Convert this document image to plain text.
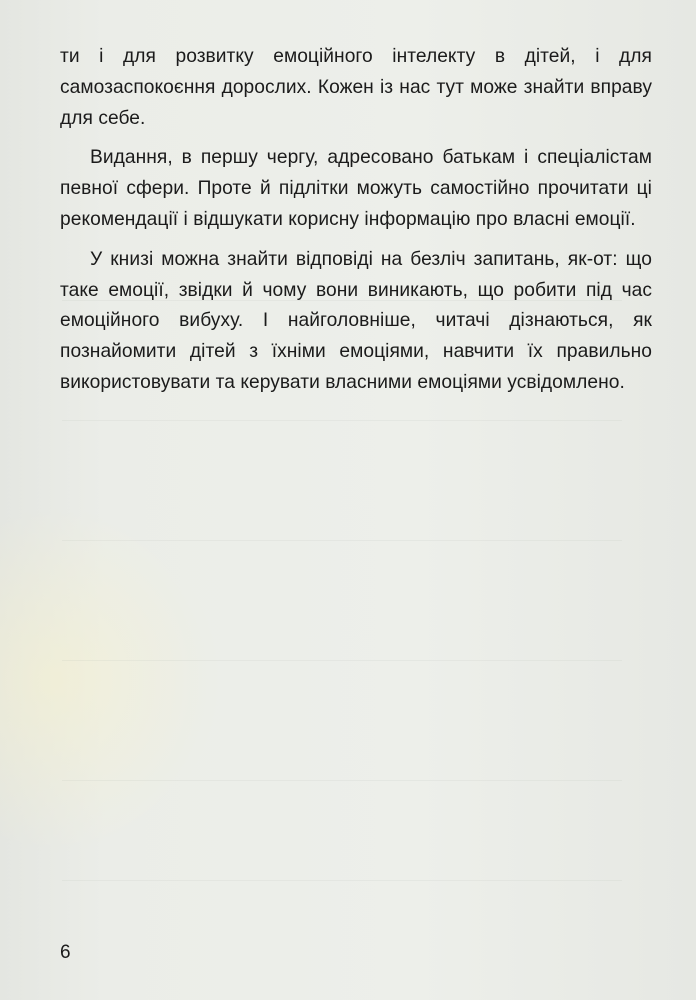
ти і для розвитку емоційного інтелекту в дітей, і для самозаспокоєння дорослих. Кожен із нас тут може знайти вправу для себе.

Видання, в першу чергу, адресовано батькам і спеціалістам певної сфери. Проте й підлітки можуть самостійно прочитати ці рекомендації і відшукати корисну інформацію про власні емоції.

У книзі можна знайти відповіді на безліч запитань, як-от: що таке емоції, звідки й чому вони виникають, що робити під час емоційного вибуху. І найголовніше, читачі дізнаються, як познайомити дітей з їхніми емоціями, навчити їх правильно використовувати та керувати власними емоціями усвідомлено.

6
